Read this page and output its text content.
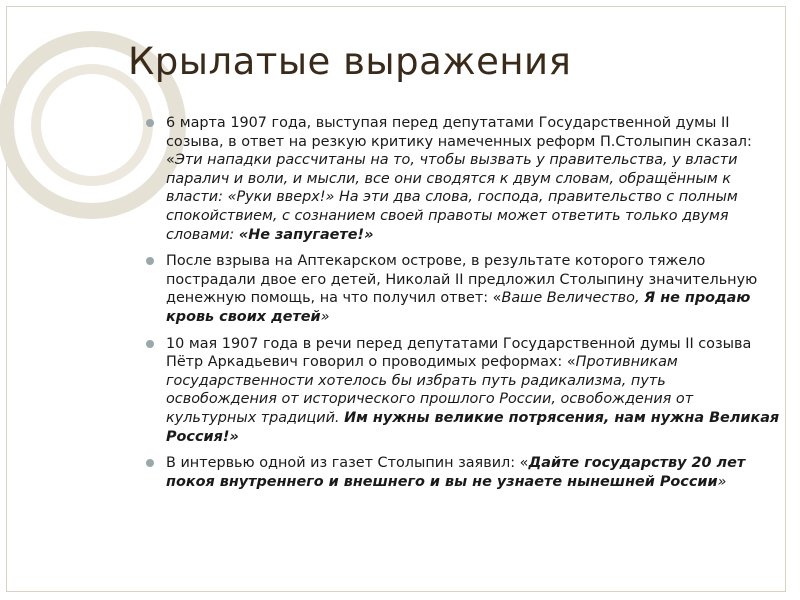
Крылатые выражения
6 марта 1907 года, выступая перед депутатами Государственной думы II созыва, в ответ на резкую критику намеченных реформ П.Столыпин сказал: «Эти нападки рассчитаны на то, чтобы вызвать у правительства, у власти паралич и воли, и мысли, все они сводятся к двум словам, обращённым к власти: «Руки вверх!» На эти два слова, господа, правительство с полным спокойствием, с сознанием своей правоты может ответить только двумя словами: «Не запугаете!»
После взрыва на Аптекарском острове, в результате которого тяжело пострадали двое его детей, Николай II предложил Столыпину значительную денежную помощь, на что получил ответ: «Ваше Величество, Я не продаю кровь своих детей»
10 мая 1907 года в речи перед депутатами Государственной думы II созыва Пётр Аркадьевич говорил о проводимых реформах: «Противникам государственности хотелось бы избрать путь радикализма, путь освобождения от исторического прошлого России, освобождения от культурных традиций. Им нужны великие потрясения, нам нужна Великая Россия!»
В интервью одной из газет Столыпин заявил: «Дайте государству 20 лет покоя внутреннего и внешнего и вы не узнаете нынешней России»
